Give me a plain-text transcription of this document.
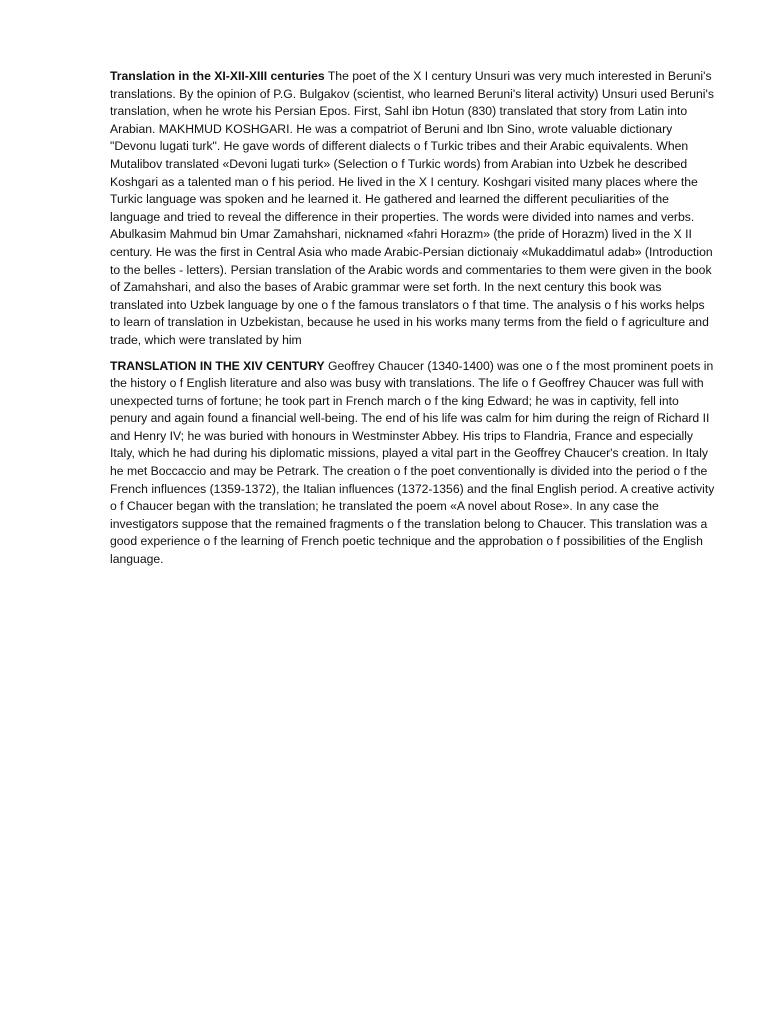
Translation in the XI-XII-XIII centuries The poet of the X I century Unsuri was very much interested in Beruni's translations. By the opinion of P.G. Bulgakov (scientist, who learned Beruni's literal activity) Unsuri used Beruni's translation, when he wrote his Persian Epos. First, Sahl ibn Hotun (830) translated that story from Latin into Arabian. MAKHMUD KOSHGARI. He was a compatriot of Beruni and Ibn Sino, wrote valuable dictionary "Devonu lugati turk". He gave words of different dialects o f Turkic tribes and their Arabic equivalents. When Mutalibov translated «Devoni lugati turk» (Selection o f Turkic words) from Arabian into Uzbek he described Koshgari as a talented man o f his period. He lived in the X I century. Koshgari visited many places where the Turkic language was spoken and he learned it. He gathered and learned the different peculiarities of the language and tried to reveal the difference in their properties. The words were divided into names and verbs. Abulkasim Mahmud bin Umar Zamahshari, nicknamed «fahri Horazm» (the pride of Horazm) lived in the X II century. He was the first in Central Asia who made Arabic-Persian dictionaiy «Mukaddimatul adab» (Introduction to the belles - letters). Persian translation of the Arabic words and commentaries to them were given in the book of Zamahshari, and also the bases of Arabic grammar were set forth. In the next century this book was translated into Uzbek language by one o f the famous translators o f that time. The analysis o f his works helps to learn of translation in Uzbekistan, because he used in his works many terms from the field o f agriculture and trade, which were translated by him

TRANSLATION IN THE XIV CENTURY Geoffrey Chaucer (1340-1400) was one o f the most prominent poets in the history o f English literature and also was busy with translations. The life o f Geoffrey Chaucer was full with unexpected turns of fortune; he took part in French march o f the king Edward; he was in captivity, fell into penury and again found a financial well-being. The end of his life was calm for him during the reign of Richard II and Henry IV; he was buried with honours in Westminster Abbey. His trips to Flandria, France and especially Italy, which he had during his diplomatic missions, played a vital part in the Geoffrey Chaucer's creation. In Italy he met Boccaccio and may be Petrark. The creation o f the poet conventionally is divided into the period o f the French influences (1359-1372), the Italian influences (1372-1356) and the final English period. A creative activity o f Chaucer began with the translation; he translated the poem «A novel about Rose». In any case the investigators suppose that the remained fragments o f the translation belong to Chaucer. This translation was a good experience o f the learning of French poetic technique and the approbation o f possibilities of the English language.
